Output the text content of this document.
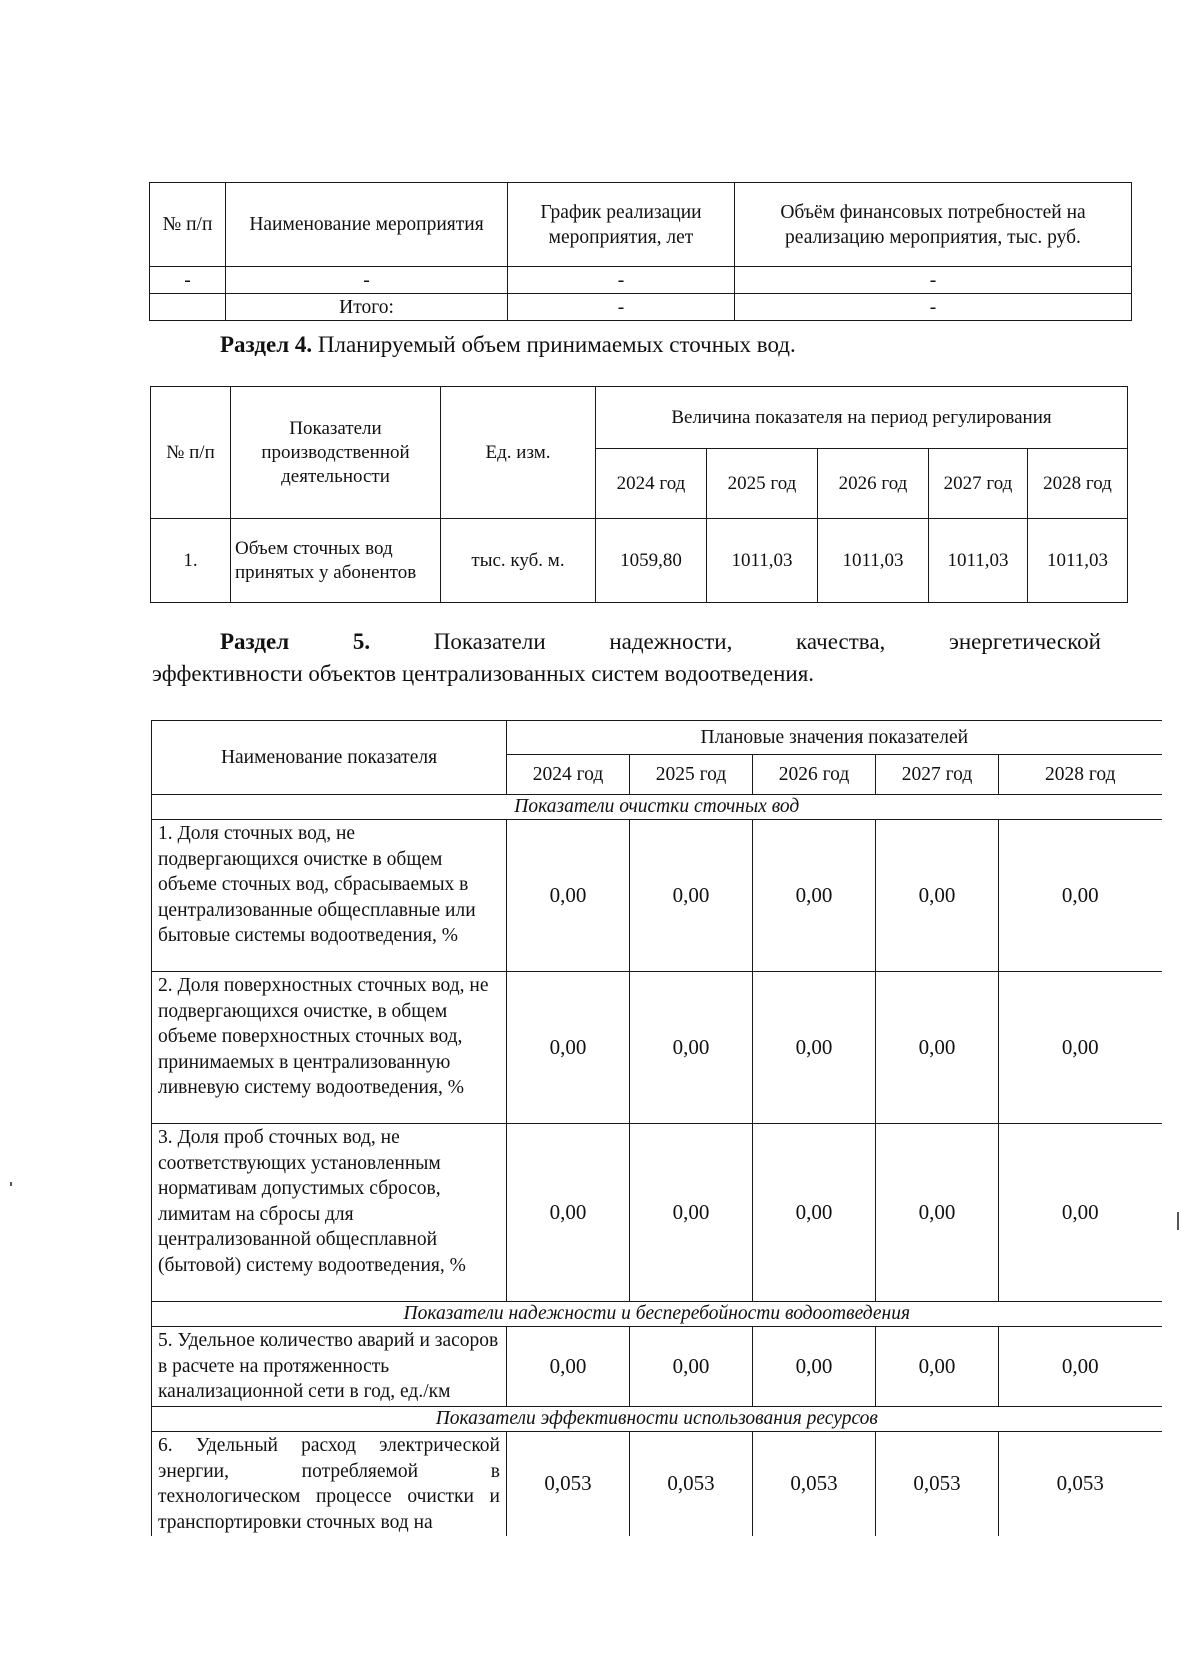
№ п/п	Наименование мероприятия	График реализации мероприятия, лет	Объём финансовых потребностей на реализацию мероприятия, тыс. руб.
-	-	-	-
	Итого:	-	-
Раздел 4. Планируемый объем принимаемых сточных вод.
№ п/п	Показатели производственной деятельности	Ед. изм.	Величина показателя на период регулирования				
			2024 год	2025 год	2026 год	2027 год	2028 год
1.	Объем сточных вод принятых у абонентов	тыс. куб. м.	1059,80	1011,03	1011,03	1011,03	1011,03
Раздел	5.	Показатели	надежности,	качества,	энергетической
эффективности объектов централизованных систем водоотведения.
Наименование показателя	Плановые значения показателей				
	2024 год	2025 год	2026 год	2027 год	2028 год
Показатели очистки сточных вод					
1. Доля сточных вод, не подвергающихся очистке в общем объеме сточных вод, сбрасываемых в централизованные общесплавные или бытовые системы водоотведения, %	0,00	0,00	0,00	0,00	0,00
2. Доля поверхностных сточных вод, не подвергающихся очистке, в общем объеме поверхностных сточных вод, принимаемых в централизованную ливневую систему водоотведения, %	0,00	0,00	0,00	0,00	0,00
3. Доля проб сточных вод, не соответствующих установленным нормативам допустимых сбросов, лимитам на сбросы для централизованной общесплавной (бытовой) систему водоотведения, %	0,00	0,00	0,00	0,00	0,00
Показатели надежности и бесперебойности водоотведения					
5. Удельное количество аварий и засоров в расчете на протяженность канализационной сети в год, ед./км	0,00	0,00	0,00	0,00	0,00
Показатели эффективности использования ресурсов					
6. Удельный расход электрической энергии, потребляемой в технологическом процессе очистки и транспортировки сточных вод на	0,053	0,053	0,053	0,053	0,053
